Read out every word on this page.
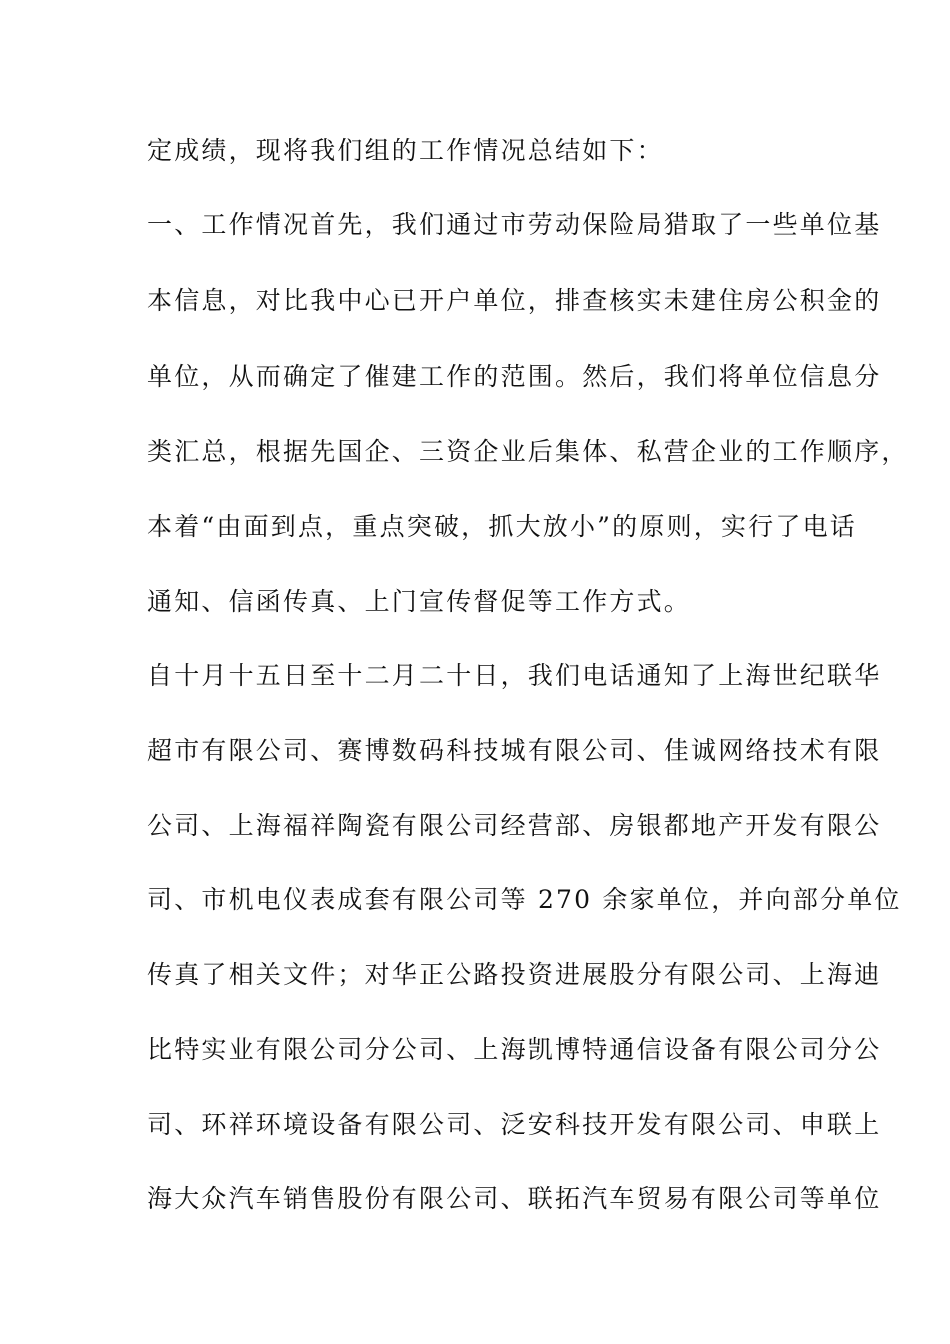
定成绩，现将我们组的工作情况总结如下：
一、工作情况首先，我们通过市劳动保险局猎取了一些单位基
本信息，对比我中心已开户单位，排查核实未建住房公积金的
单位，从而确定了催建工作的范围。然后，我们将单位信息分
类汇总，根据先国企、三资企业后集体、私营企业的工作顺序，
本着“由面到点，重点突破，抓大放小”的原则，实行了电话
通知、信函传真、上门宣传督促等工作方式。
自十月十五日至十二月二十日，我们电话通知了上海世纪联华
超市有限公司、赛博数码科技城有限公司、佳诚网络技术有限
公司、上海福祥陶瓷有限公司经营部、房银都地产开发有限公
司、市机电仪表成套有限公司等 270 余家单位，并向部分单位
传真了相关文件；对华正公路投资进展股分有限公司、上海迪
比特实业有限公司分公司、上海凯博特通信设备有限公司分公
司、环祥环境设备有限公司、泛安科技开发有限公司、申联上
海大众汽车销售股份有限公司、联拓汽车贸易有限公司等单位
